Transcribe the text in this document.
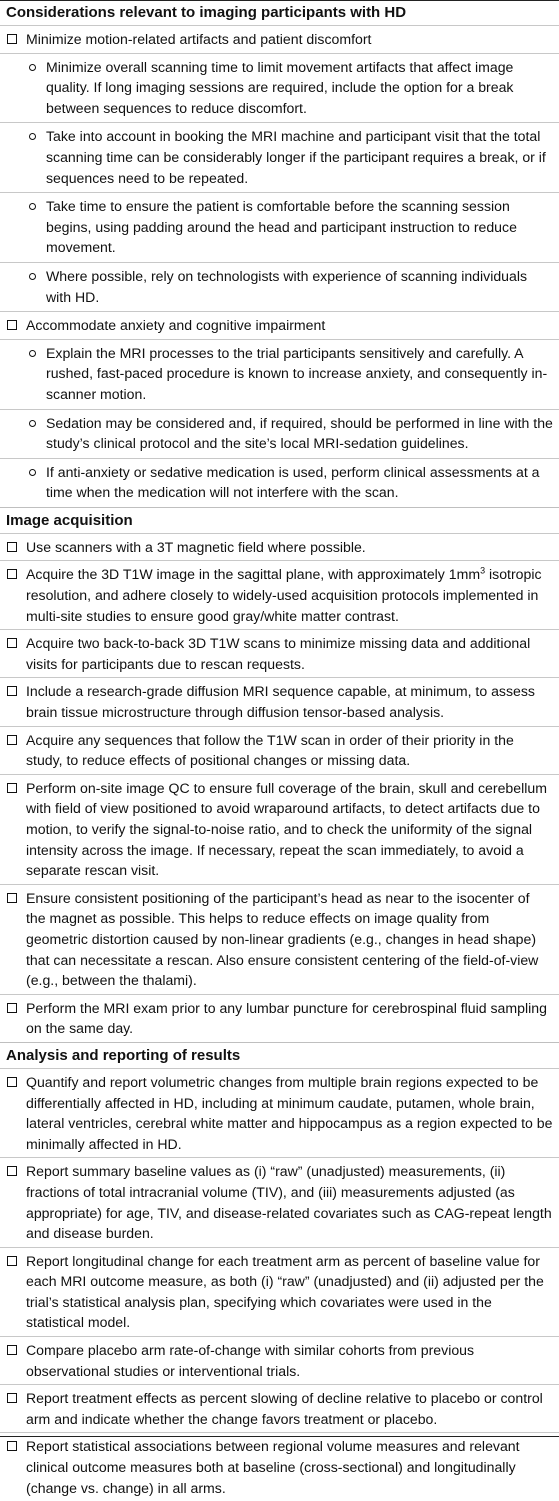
Considerations relevant to imaging participants with HD
Minimize motion-related artifacts and patient discomfort
Minimize overall scanning time to limit movement artifacts that affect image quality. If long imaging sessions are required, include the option for a break between sequences to reduce discomfort.
Take into account in booking the MRI machine and participant visit that the total scanning time can be considerably longer if the participant requires a break, or if sequences need to be repeated.
Take time to ensure the patient is comfortable before the scanning session begins, using padding around the head and participant instruction to reduce movement.
Where possible, rely on technologists with experience of scanning individuals with HD.
Accommodate anxiety and cognitive impairment
Explain the MRI processes to the trial participants sensitively and carefully. A rushed, fast-paced procedure is known to increase anxiety, and consequently in-scanner motion.
Sedation may be considered and, if required, should be performed in line with the study’s clinical protocol and the site’s local MRI-sedation guidelines.
If anti-anxiety or sedative medication is used, perform clinical assessments at a time when the medication will not interfere with the scan.
Image acquisition
Use scanners with a 3T magnetic field where possible.
Acquire the 3D T1W image in the sagittal plane, with approximately $1mm^3$ isotropic resolution, and adhere closely to widely-used acquisition protocols implemented in multi-site studies to ensure good gray/white matter contrast.
Acquire two back-to-back 3D T1W scans to minimize missing data and additional visits for participants due to rescan requests.
Include a research-grade diffusion MRI sequence capable, at minimum, to assess brain tissue microstructure through diffusion tensor-based analysis.
Acquire any sequences that follow the T1W scan in order of their priority in the study, to reduce effects of positional changes or missing data.
Perform on-site image QC to ensure full coverage of the brain, skull and cerebellum with field of view positioned to avoid wraparound artifacts, to detect artifacts due to motion, to verify the signal-to-noise ratio, and to check the uniformity of the signal intensity across the image. If necessary, repeat the scan immediately, to avoid a separate rescan visit.
Ensure consistent positioning of the participant’s head as near to the isocenter of the magnet as possible. This helps to reduce effects on image quality from geometric distortion caused by non-linear gradients (e.g., changes in head shape) that can necessitate a rescan. Also ensure consistent centering of the field-of-view (e.g., between the thalami).
Perform the MRI exam prior to any lumbar puncture for cerebrospinal fluid sampling on the same day.
Analysis and reporting of results
Quantify and report volumetric changes from multiple brain regions expected to be differentially affected in HD, including at minimum caudate, putamen, whole brain, lateral ventricles, cerebral white matter and hippocampus as a region expected to be minimally affected in HD.
Report summary baseline values as (i) “raw” (unadjusted) measurements, (ii) fractions of total intracranial volume (TIV), and (iii) measurements adjusted (as appropriate) for age, TIV, and disease-related covariates such as CAG-repeat length and disease burden.
Report longitudinal change for each treatment arm as percent of baseline value for each MRI outcome measure, as both (i) “raw” (unadjusted) and (ii) adjusted per the trial’s statistical analysis plan, specifying which covariates were used in the statistical model.
Compare placebo arm rate-of-change with similar cohorts from previous observational studies or interventional trials.
Report treatment effects as percent slowing of decline relative to placebo or control arm and indicate whether the change favors treatment or placebo.
Report statistical associations between regional volume measures and relevant clinical outcome measures both at baseline (cross-sectional) and longitudinally (change vs. change) in all arms.
